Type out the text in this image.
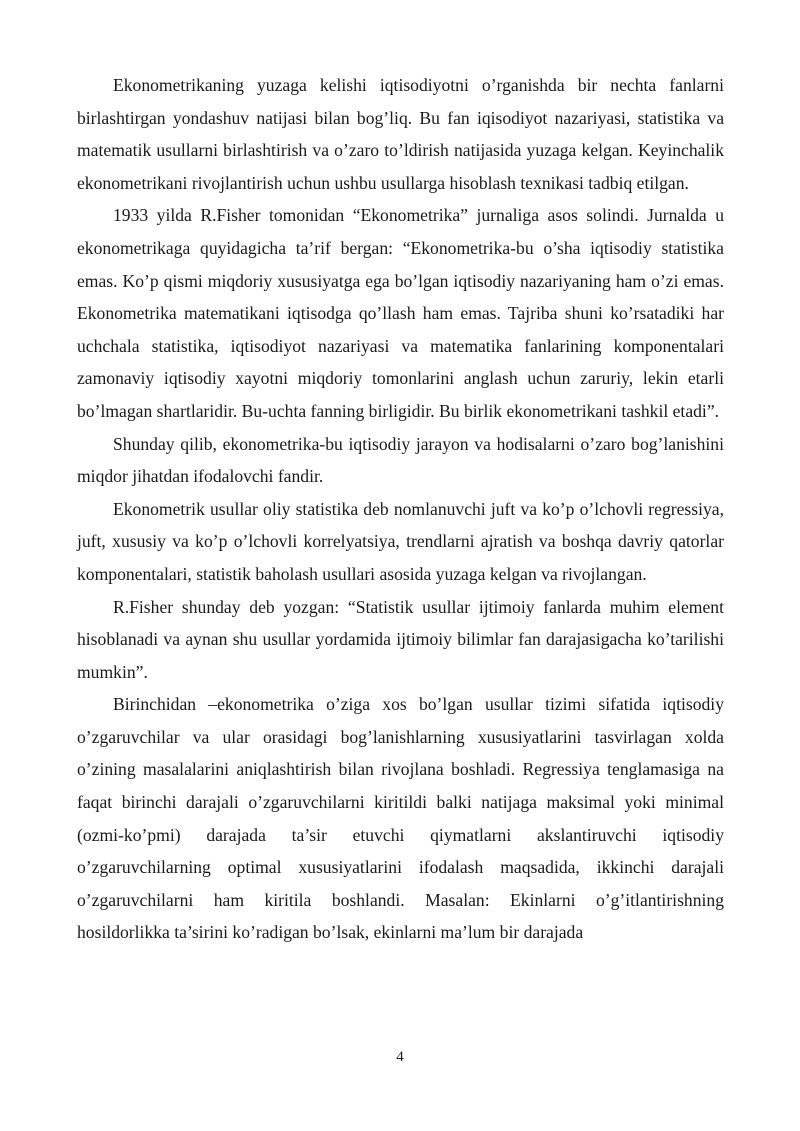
Ekonometrikaning yuzaga kelishi iqtisodiyotni o’rganishda bir nechta fanlarni birlashtirgan yondashuv natijasi bilan bog’liq. Bu fan iqisodiyot nazariyasi, statistika va matematik usullarni birlashtirish va o’zaro to’ldirish natijasida yuzaga kelgan. Keyinchalik ekonometrikani rivojlantirish uchun ushbu usullarga hisoblash texnikasi tadbiq etilgan.

1933 yilda R.Fisher tomonidan “Ekonometrika” jurnaliga asos solindi. Jurnalda u ekonometrikaga quyidagicha ta’rif bergan: “Ekonometrika-bu o’sha iqtisodiy statistika emas. Ko’p qismi miqdoriy xususiyatga ega bo’lgan iqtisodiy nazariyaning ham o’zi emas. Ekonometrika matematikani iqtisodga qo’llash ham emas. Tajriba shuni ko’rsatadiki har uchchala statistika, iqtisodiyot nazariyasi va matematika fanlarining komponentalari zamonaviy iqtisodiy xayotni miqdoriy tomonlarini anglash uchun zaruriy, lekin etarli bo’lmagan shartlaridir. Bu-uchta fanning birligidir. Bu birlik ekonometrikani tashkil etadi”.

Shunday qilib, ekonometrika-bu iqtisodiy jarayon va hodisalarni o’zaro bog’lanishini miqdor jihatdan ifodalovchi fandir.

Ekonometrik usullar oliy statistika deb nomlanuvchi juft va ko’p o’lchovli regressiya, juft, xususiy va ko’p o’lchovli korrelyatsiya, trendlarni ajratish va boshqa davriy qatorlar komponentalari, statistik baholash usullari asosida yuzaga kelgan va rivojlangan.

R.Fisher shunday deb yozgan: “Statistik usullar ijtimoiy fanlarda muhim element hisoblanadi va aynan shu usullar yordamida ijtimoiy bilimlar fan darajasigacha ko’tarilishi mumkin”.

Birinchidan –ekonometrika o’ziga xos bo’lgan usullar tizimi sifatida iqtisodiy o’zgaruvchilar va ular orasidagi bog’lanishlarning xususiyatlarini tasvirlagan xolda o’zining masalalarini aniqlashtirish bilan rivojlana boshladi. Regressiya tenglamasiga na faqat birinchi darajali o’zgaruvchilarni kiritildi balki natijaga maksimal yoki minimal (ozmi-ko’pmi) darajada ta’sir etuvchi qiymatlarni akslantiruvchi iqtisodiy o’zgaruvchilarning optimal xususiyatlarini ifodalash maqsadida, ikkinchi darajali o’zgaruvchilarni ham kiritila boshlandi. Masalan: Ekinlarni o’g’itlantirishning hosildorlikka ta’sirini ko’radigan bo’lsak, ekinlarni ma’lum bir darajada

4
